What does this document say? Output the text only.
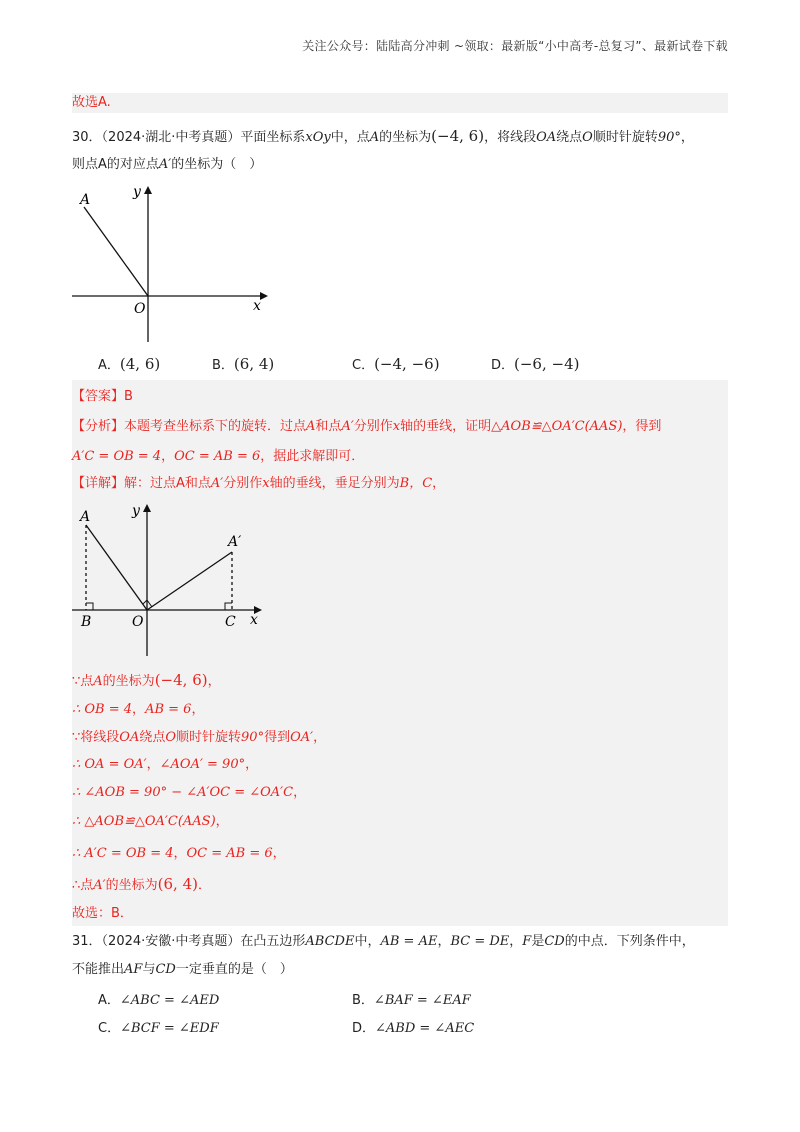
关注公众号：陆陆高分冲刺 ~领取：最新版“小中高考-总复习”、最新试卷下载
故选A.
30．（2024·湖北·中考真题）平面坐标系xOy中，点A的坐标为(−4, 6)，将线段OA绕点O顺时针旋转90°，
则点A的对应点A′的坐标为（　）
A	y
O	x
A．(4, 6)	B．(6, 4)	C．(−4, −6)	D．(−6, −4)
【答案】B
【分析】本题考查坐标系下的旋转．过点A和点A′分别作x轴的垂线，证明△AOB≌△OA′C(AAS)，得到
A′C = OB = 4，OC = AB = 6，据此求解即可．
【详解】解：过点A和点A′分别作x轴的垂线，垂足分别为B，C，
A	y
A′
B	O	C x
∵点A的坐标为(−4, 6)，
∴ OB = 4，AB = 6，
∵将线段OA绕点O顺时针旋转90°得到OA′，
∴ OA = OA′，∠AOA′ = 90°，
∴ ∠AOB = 90° − ∠A′OC = ∠OA′C，
∴ △AOB≌△OA′C(AAS)，
∴ A′C = OB = 4，OC = AB = 6，
∴点A′的坐标为(6, 4)．
故选：B．
31．（2024·安徽·中考真题）在凸五边形ABCDE中，AB = AE，BC = DE，F是CD的中点．下列条件中，
不能推出AF与CD一定垂直的是（　）
A．∠ABC = ∠AED	B．∠BAF = ∠EAF
C．∠BCF = ∠EDF	D．∠ABD = ∠AEC
